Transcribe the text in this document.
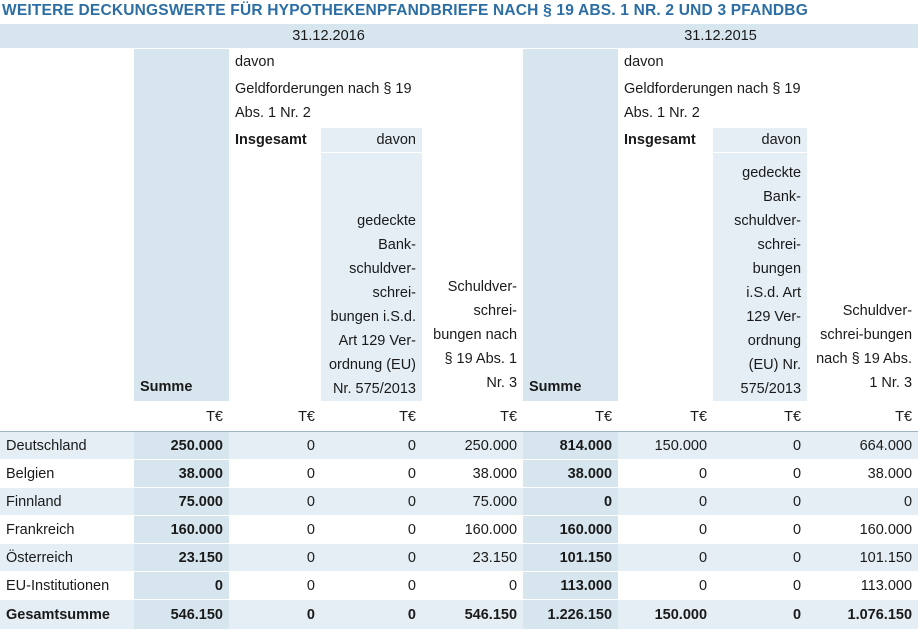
WEITERE DECKUNGSWERTE FÜR HYPOTHEKENPFANDBRIEFE NACH § 19 ABS. 1 NR. 2 UND 3 PFANDBG
	31.12.2016				31.12.2015			
	Summe	davon			Summe	davon		
		Geldforderungen nach § 19 Abs. 1 Nr. 2		Schuldver-schrei-bungen nach § 19 Abs. 1 Nr. 3		Geldforderungen nach § 19 Abs. 1 Nr. 2		Schuldver-schrei-bungen nach § 19 Abs. 1 Nr. 3

		Insgesamt	davon			Insgesamt	davon	

			gedeckte Bank-schuldver-schrei-bungen i.S.d. Art 129 Ver-ordnung (EU) Nr. 575/2013				gedeckte Bank-schuldver-schrei-bungen i.S.d. Art 129 Ver-ordnung (EU) Nr. 575/2013	

	T€	T€	T€	T€	T€	T€	T€	T€
Deutschland	250.000	0	0	250.000	814.000	150.000	0	664.000
Belgien	38.000	0	0	38.000	38.000	0	0	38.000
Finnland	75.000	0	0	75.000	0	0	0	0
Frankreich	160.000	0	0	160.000	160.000	0	0	160.000
Österreich	23.150	0	0	23.150	101.150	0	0	101.150
EU-Institutionen	0	0	0	0	113.000	0	0	113.000
Gesamtsumme	546.150	0	0	546.150	1.226.150	150.000	0	1.076.150
